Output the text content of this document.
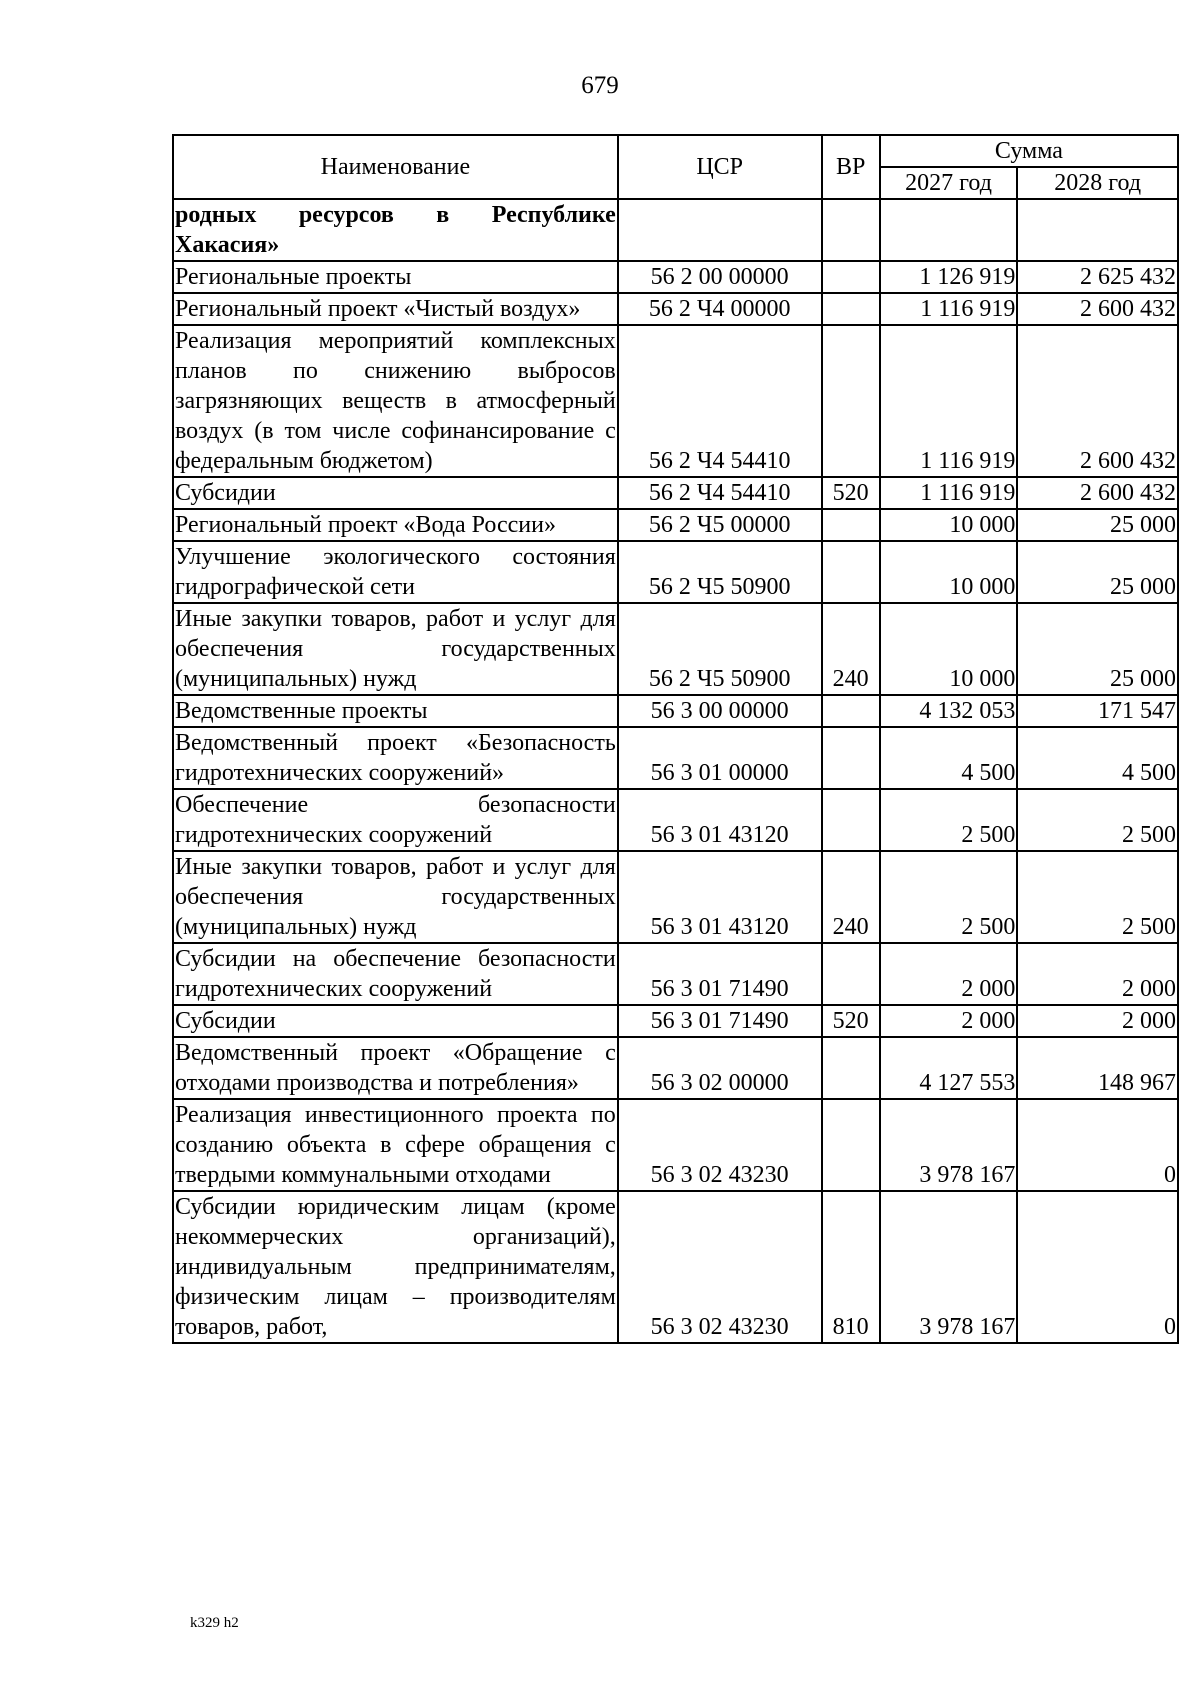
679
Наименование	ЦСР	ВР	Сумма	
			2027 год	2028 год
родных ресурсов в Республике Хакасия»				
Региональные проекты	56 2 00 00000		1 126 919	2 625 432
Региональный проект «Чистый воздух»	56 2 Ч4 00000		1 116 919	2 600 432
Реализация мероприятий комплексных планов по снижению выбросов загрязняющих веществ в атмосферный воздух (в том числе софинансирование с федеральным бюджетом)	56 2 Ч4 54410		1 116 919	2 600 432
Субсидии	56 2 Ч4 54410	520	1 116 919	2 600 432
Региональный проект «Вода России»	56 2 Ч5 00000		10 000	25 000
Улучшение экологического состояния гидрографической сети	56 2 Ч5 50900		10 000	25 000
Иные закупки товаров, работ и услуг для обеспечения государственных (муниципальных) нужд	56 2 Ч5 50900	240	10 000	25 000
Ведомственные проекты	56 3 00 00000		4 132 053	171 547
Ведомственный проект «Безопасность гидротехнических сооружений»	56 3 01 00000		4 500	4 500
Обеспечение безопасности гидротехнических сооружений	56 3 01 43120		2 500	2 500
Иные закупки товаров, работ и услуг для обеспечения государственных (муниципальных) нужд	56 3 01 43120	240	2 500	2 500
Субсидии на обеспечение безопасности гидротехнических сооружений	56 3 01 71490		2 000	2 000
Субсидии	56 3 01 71490	520	2 000	2 000
Ведомственный проект «Обращение с отходами производства и потребления»	56 3 02 00000		4 127 553	148 967
Реализация инвестиционного проекта по созданию объекта в сфере обращения с твердыми коммунальными отходами	56 3 02 43230		3 978 167	0
Субсидии юридическим лицам (кроме некоммерческих организаций), индивидуальным предпринимателям, физическим лицам – производителям товаров, работ,	56 3 02 43230	810	3 978 167	0
k329 h2
